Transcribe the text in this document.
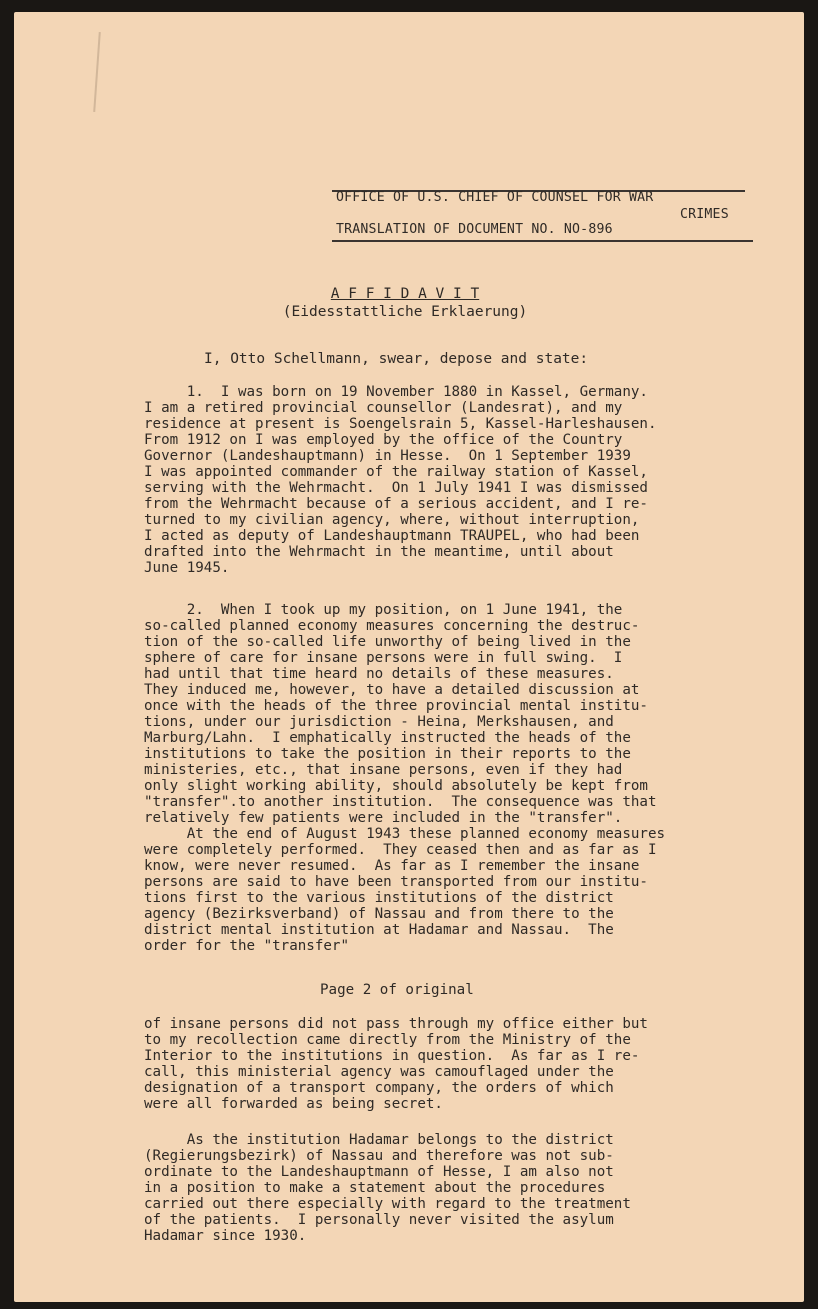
OFFICE OF U.S. CHIEF OF COUNSEL FOR WAR
CRIMES
TRANSLATION OF DOCUMENT NO. NO-896
A F F I D A V I T
(Eidesstattliche Erklaerung)
I, Otto Schellmann, swear, depose and state:
1.  I was born on 19 November 1880 in Kassel, Germany.
I am a retired provincial counsellor (Landesrat), and my
residence at present is Soengelsrain 5, Kassel-Harleshausen.
From 1912 on I was employed by the office of the Country
Governor (Landeshauptmann) in Hesse.  On 1 September 1939
I was appointed commander of the railway station of Kassel,
serving with the Wehrmacht.  On 1 July 1941 I was dismissed
from the Wehrmacht because of a serious accident, and I re-
turned to my civilian agency, where, without interruption,
I acted as deputy of Landeshauptmann TRAUPEL, who had been
drafted into the Wehrmacht in the meantime, until about
June 1945.
2.  When I took up my position, on 1 June 1941, the
so-called planned economy measures concerning the destruc-
tion of the so-called life unworthy of being lived in the
sphere of care for insane persons were in full swing.  I
had until that time heard no details of these measures.
They induced me, however, to have a detailed discussion at
once with the heads of the three provincial mental institu-
tions, under our jurisdiction - Heina, Merkshausen, and
Marburg/Lahn.  I emphatically instructed the heads of the
institutions to take the position in their reports to the
ministeries, etc., that insane persons, even if they had
only slight working ability, should absolutely be kept from
"transfer".to another institution.  The consequence was that
relatively few patients were included in the "transfer".
At the end of August 1943 these planned economy measures
were completely performed.  They ceased then and as far as I
know, were never resumed.  As far as I remember the insane
persons are said to have been transported from our institu-
tions first to the various institutions of the district
agency (Bezirksverband) of Nassau and from there to the
district mental institution at Hadamar and Nassau.  The
order for the "transfer"
Page 2 of original
of insane persons did not pass through my office either but
to my recollection came directly from the Ministry of the
Interior to the institutions in question.  As far as I re-
call, this ministerial agency was camouflaged under the
designation of a transport company, the orders of which
were all forwarded as being secret.
As the institution Hadamar belongs to the district
(Regierungsbezirk) of Nassau and therefore was not sub-
ordinate to the Landeshauptmann of Hesse, I am also not
in a position to make a statement about the procedures
carried out there especially with regard to the treatment
of the patients.  I personally never visited the asylum
Hadamar since 1930.
